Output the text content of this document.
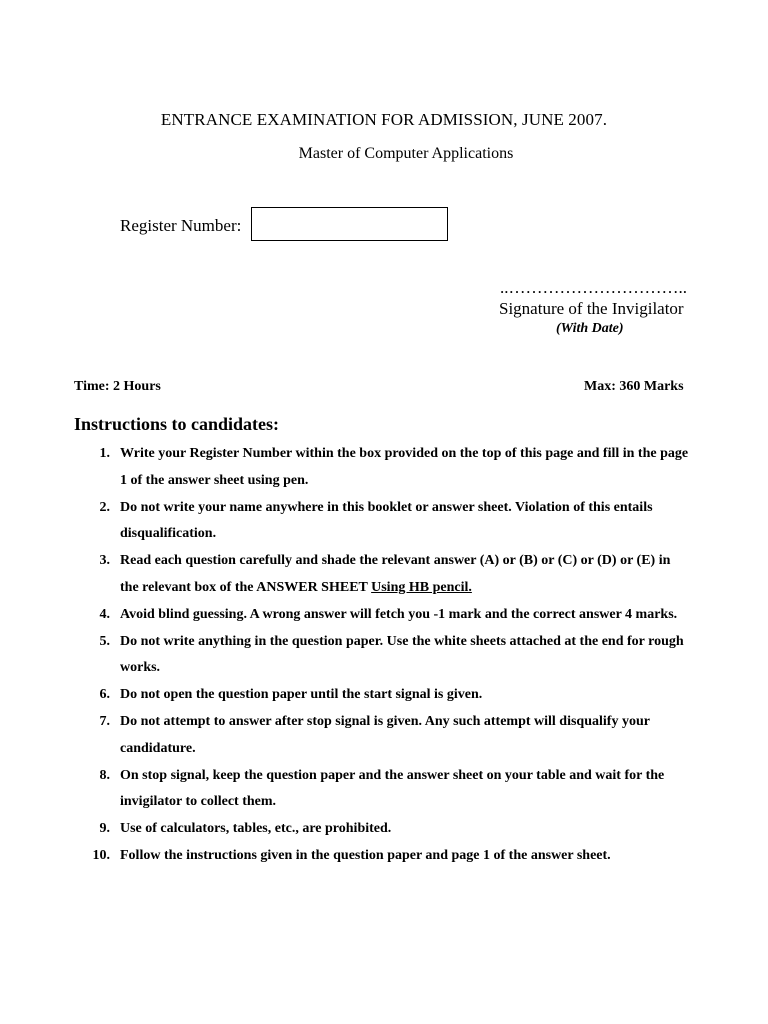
ENTRANCE EXAMINATION FOR ADMISSION, JUNE 2007.
Master of Computer Applications
Register Number:
..…………………………..
Signature of the Invigilator
(With Date)
Time: 2 Hours	Max: 360 Marks
Instructions to candidates:
1. Write your Register Number within the box provided on the top of this page and fill in the page 1 of the answer sheet using pen.
2. Do not write your name anywhere in this booklet or answer sheet. Violation of this entails disqualification.
3. Read each question carefully and shade the relevant answer (A) or (B) or (C) or (D) or (E) in the relevant box of the ANSWER SHEET Using HB pencil.
4. Avoid blind guessing. A wrong answer will fetch you -1 mark and the correct answer 4 marks.
5. Do not write anything in the question paper. Use the white sheets attached at the end for rough works.
6. Do not open the question paper until the start signal is given.
7. Do not attempt to answer after stop signal is given. Any such attempt will disqualify your candidature.
8. On stop signal, keep the question paper and the answer sheet on your table and wait for the invigilator to collect them.
9. Use of calculators, tables, etc., are prohibited.
10. Follow the instructions given in the question paper and page 1 of the answer sheet.
